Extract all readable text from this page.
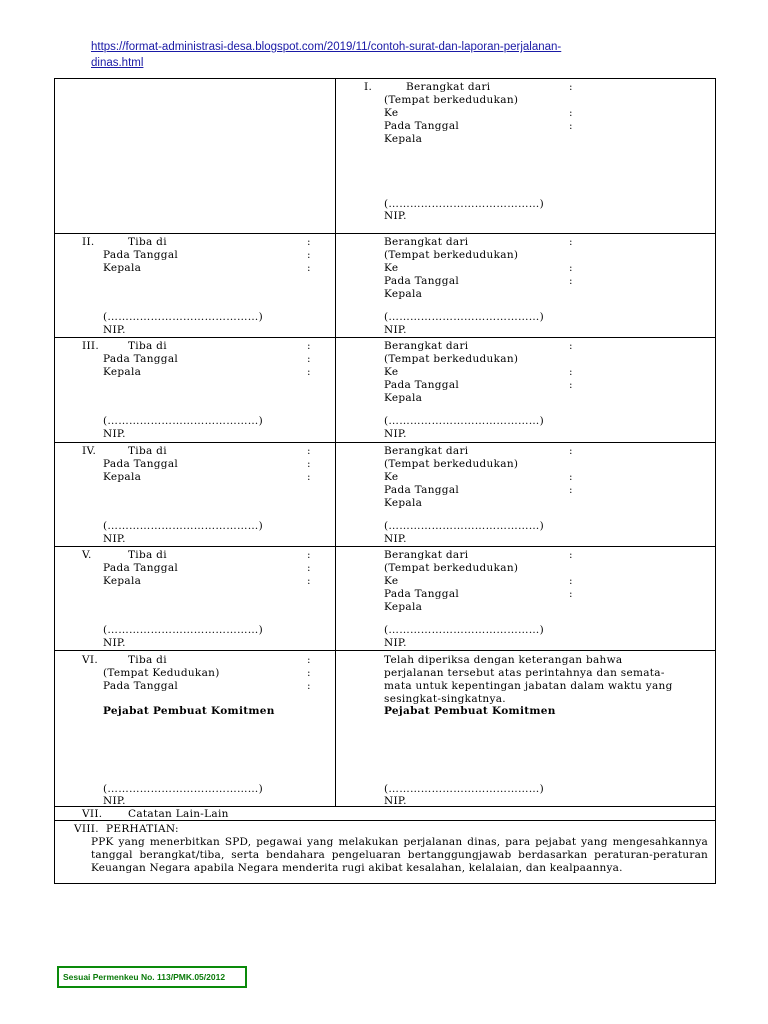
https://format-administrasi-desa.blogspot.com/2019/11/contoh-surat-dan-laporan-perjalanan-
dinas.html
I.	Berangkat dari	:
(Tempat berkedudukan)
Ke	:
Pada Tanggal	:
Kepala
(……………………………………)
NIP.
II.	Tiba di	:
Pada Tanggal	:
Kepala	:
(……………………………………)
NIP.
Berangkat dari	:
(Tempat berkedudukan)
Ke	:
Pada Tanggal	:
Kepala
(……………………………………)
NIP.
III.	Tiba di	:
Pada Tanggal	:
Kepala	:
(……………………………………)
NIP.
Berangkat dari	:
(Tempat berkedudukan)
Ke	:
Pada Tanggal	:
Kepala
(……………………………………)
NIP.
IV.	Tiba di	:
Pada Tanggal	:
Kepala	:
(……………………………………)
NIP.
Berangkat dari	:
(Tempat berkedudukan)
Ke	:
Pada Tanggal	:
Kepala
(……………………………………)
NIP.
V.	Tiba di	:
Pada Tanggal	:
Kepala	:
(……………………………………)
NIP.
Berangkat dari	:
(Tempat berkedudukan)
Ke	:
Pada Tanggal	:
Kepala
(……………………………………)
NIP.
VI.	Tiba di	:
(Tempat Kedudukan)	:
Pada Tanggal	:
Pejabat Pembuat Komitmen
(……………………………………)
NIP.
Telah diperiksa dengan keterangan bahwa
perjalanan tersebut atas perintahnya dan semata-
mata untuk kepentingan jabatan dalam waktu yang
sesingkat-singkatnya.
Pejabat Pembuat Komitmen
(……………………………………)
NIP.
VII. Catatan Lain-Lain
VIII. PERHATIAN:
PPK yang menerbitkan SPD, pegawai yang melakukan perjalanan dinas, para pejabat yang mengesahkannya tanggal berangkat/tiba, serta bendahara pengeluaran bertanggungjawab berdasarkan peraturan-peraturan Keuangan Negara apabila Negara menderita rugi akibat kesalahan, kelalaian, dan kealpaannya.
Sesuai Permenkeu No. 113/PMK.05/2012
